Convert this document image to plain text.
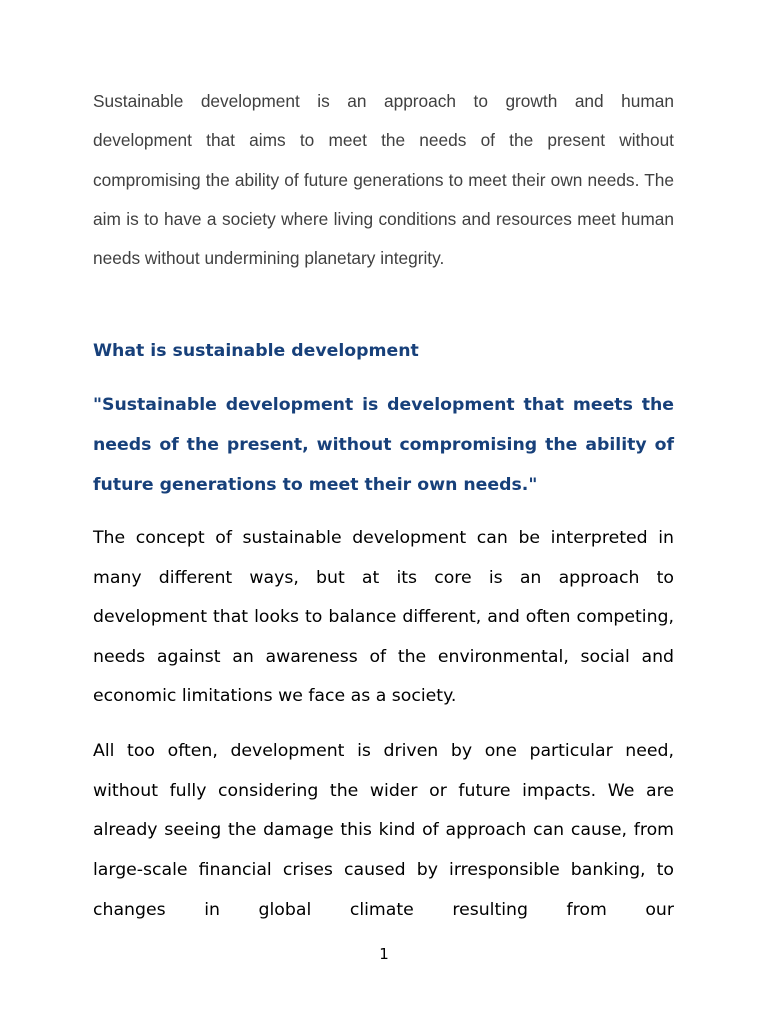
Sustainable development is an approach to growth and human development that aims to meet the needs of the present without compromising the ability of future generations to meet their own needs. The aim is to have a society where living conditions and resources meet human needs without undermining planetary integrity.

What is sustainable development

"Sustainable development is development that meets the needs of the present, without compromising the ability of future generations to meet their own needs."

The concept of sustainable development can be interpreted in many different ways, but at its core is an approach to development that looks to balance different, and often competing, needs against an awareness of the environmental, social and economic limitations we face as a society.

All too often, development is driven by one particular need, without fully considering the wider or future impacts. We are already seeing the damage this kind of approach can cause, from large-scale financial crises caused by irresponsible banking, to changes in global climate resulting from our

1
